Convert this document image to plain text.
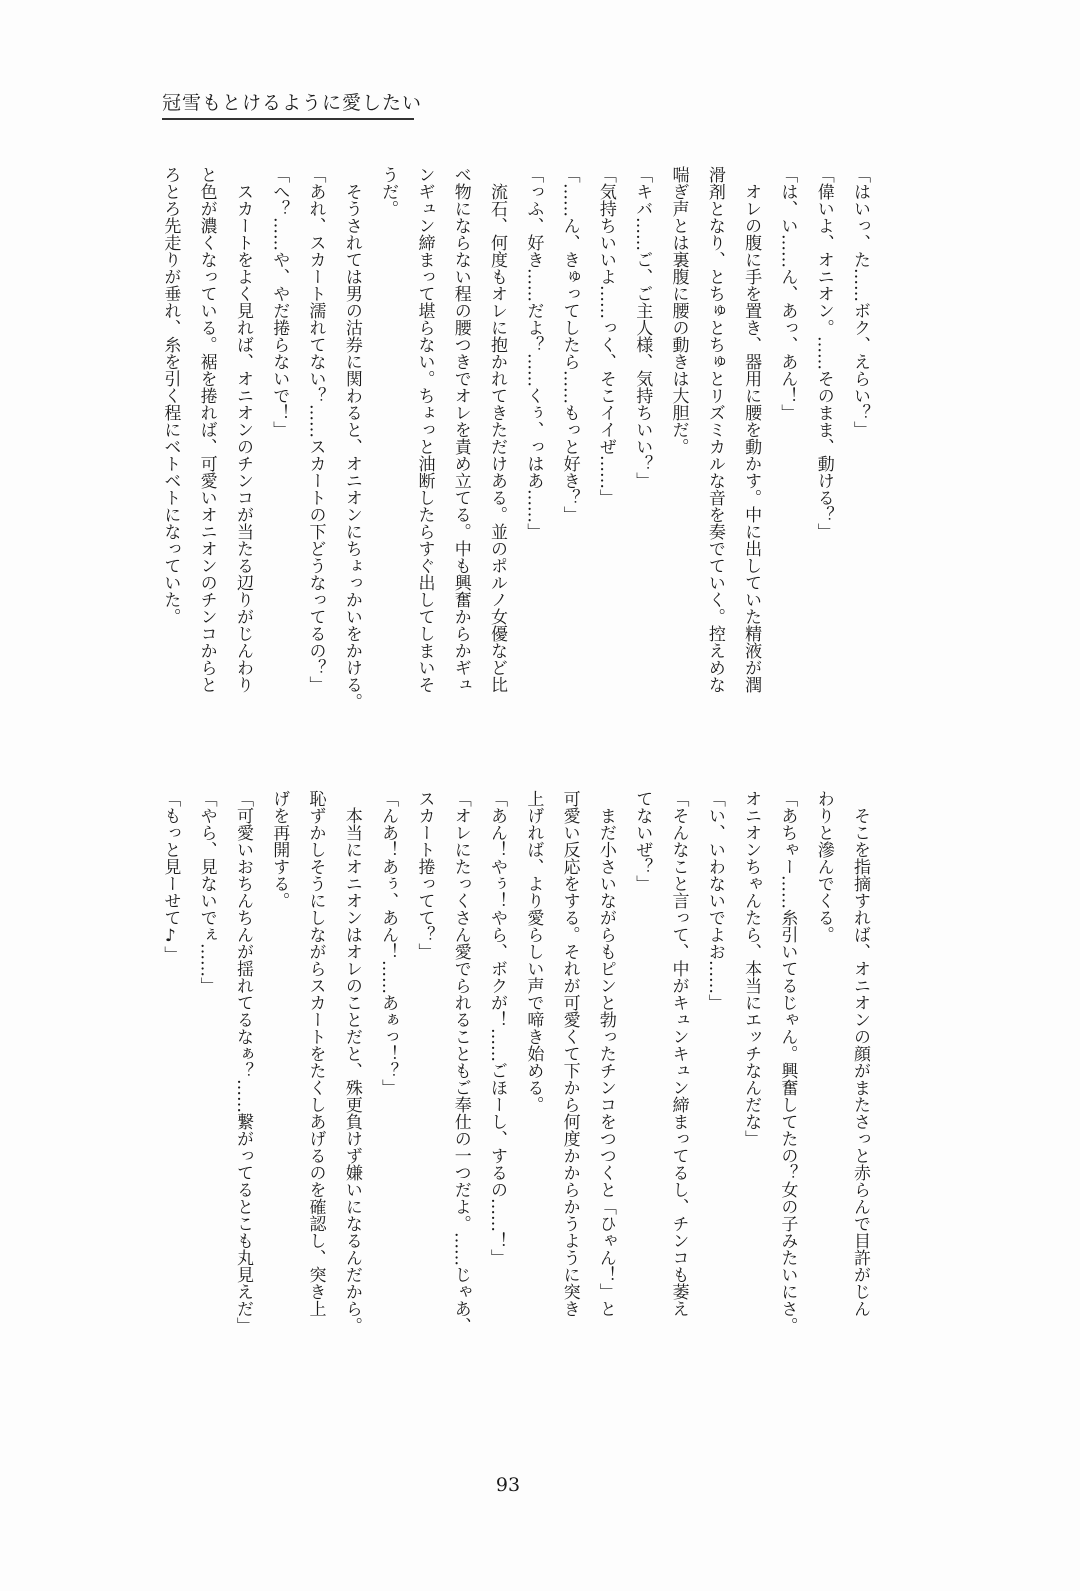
冠雪もとけるように愛したい
「はいっ、た……ボク、えらい？」
「偉いよ、オニオン。……そのまま、動ける？」
「は、い……ん、あっ、あん！」
　オレの腹に手を置き、器用に腰を動かす。中に出していた精液が潤
滑剤となり、とちゅとちゅとリズミカルな音を奏でていく。控えめな
喘ぎ声とは裏腹に腰の動きは大胆だ。
「キバ……ご、ご主人様、気持ちいい？」
「気持ちいいよ……っく、そこイイぜ……」
「……ん、きゅってしたら……もっと好き？」
「っふ、好き……だよ？……くぅ、っはあ……」
　流石、何度もオレに抱かれてきただけある。並のポルノ女優など比
べ物にならない程の腰つきでオレを責め立てる。中も興奮からかギュ
ンギュン締まって堪らない。ちょっと油断したらすぐ出してしまいそ
うだ。
　そうされては男の沽券に関わると、オニオンにちょっかいをかける。
「あれ、スカート濡れてない？……スカートの下どうなってるの？」
「へ？……や、やだ捲らないで！」
　スカートをよく見れば、オニオンのチンコが当たる辺りがじんわり
と色が濃くなっている。裾を捲れば、可愛いオニオンのチンコからと
ろとろ先走りが垂れ、糸を引く程にベトベトになっていた。
　そこを指摘すれば、オニオンの顔がまたさっと赤らんで目許がじん
わりと滲んでくる。
「あちゃー……糸引いてるじゃん。興奮してたの？女の子みたいにさ。
オニオンちゃんたら、本当にエッチなんだな」
「い、いわないでよお……」
「そんなこと言って、中がキュンキュン締まってるし、チンコも萎え
てないぜ？」
　まだ小さいながらもピンと勃ったチンコをつつくと「ひゃん！」と
可愛い反応をする。それが可愛くて下から何度かからかうように突き
上げれば、より愛らしい声で啼き始める。
「あん！やぅ！やら、ボクが！……ごほーし、するの……！」
「オレにたっくさん愛でられることもご奉仕の一つだよ。……じゃあ、
スカート捲ってて？」
「んあ！あぅ、あん！……あぁっ！？」
　本当にオニオンはオレのことだと、殊更負けず嫌いになるんだから。
恥ずかしそうにしながらスカートをたくしあげるのを確認し、突き上
げを再開する。
「可愛いおちんちんが揺れてるなぁ？……繋がってるとこも丸見えだ」
「やら、見ないでぇ……」
「もっと見ーせて♪」
93
